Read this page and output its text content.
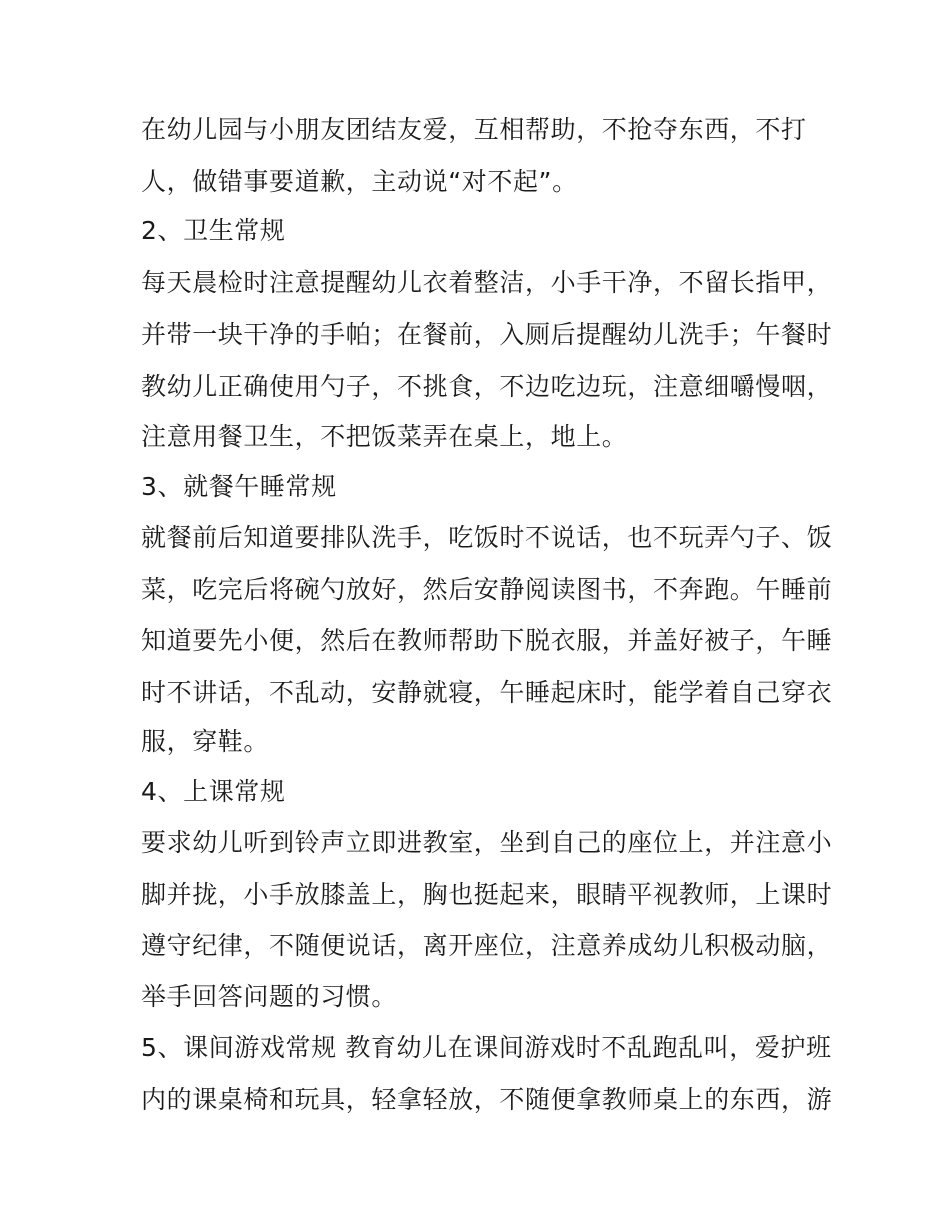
在幼儿园与小朋友团结友爱，互相帮助，不抢夺东西，不打
人，做错事要道歉，主动说“对不起”。
2、卫生常规
每天晨检时注意提醒幼儿衣着整洁，小手干净，不留长指甲，
并带一块干净的手帕；在餐前，入厕后提醒幼儿洗手；午餐时
教幼儿正确使用勺子，不挑食，不边吃边玩，注意细嚼慢咽，
注意用餐卫生，不把饭菜弄在桌上，地上。
3、就餐午睡常规
就餐前后知道要排队洗手，吃饭时不说话，也不玩弄勺子、饭
菜，吃完后将碗勺放好，然后安静阅读图书，不奔跑。午睡前
知道要先小便，然后在教师帮助下脱衣服，并盖好被子，午睡
时不讲话，不乱动，安静就寝，午睡起床时，能学着自己穿衣
服，穿鞋。
4、上课常规
要求幼儿听到铃声立即进教室，坐到自己的座位上，并注意小
脚并拢，小手放膝盖上，胸也挺起来，眼睛平视教师，上课时
遵守纪律，不随便说话，离开座位，注意养成幼儿积极动脑，
举手回答问题的习惯。
5、课间游戏常规 教育幼儿在课间游戏时不乱跑乱叫，爱护班
内的课桌椅和玩具，轻拿轻放，不随便拿教师桌上的东西，游
